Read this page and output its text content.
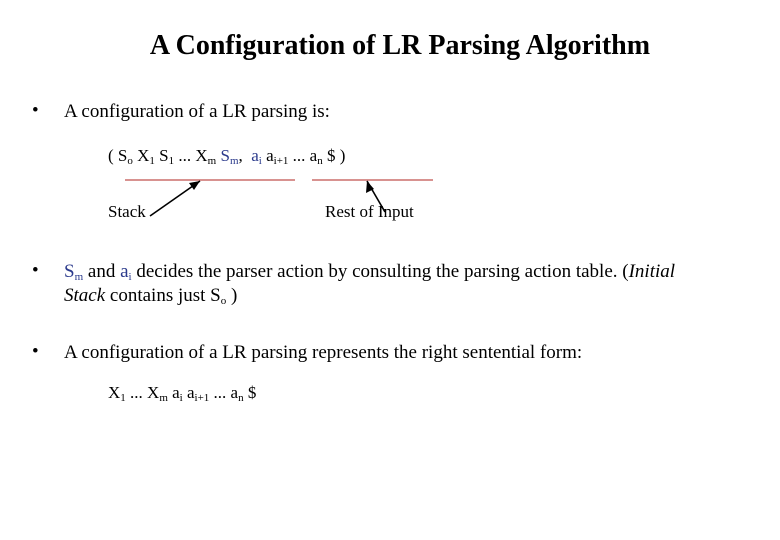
A Configuration of LR Parsing Algorithm
• A configuration of a LR parsing is:
( $S_o$ $X_1$ $S_1$ ... $X_m$ $S_m$, $a_i$ $a_{i+1}$ ... $a_n$ $ )
Stack	Rest of Input
• $S_m$ and $a_i$ decides the parser action by consulting the parsing action table. (Initial
Stack contains just $S_o$ )
• A configuration of a LR parsing represents the right sentential form:
$X_1$ ... $X_m$ $a_i$ $a_{i+1}$ ... $a_n$ $
